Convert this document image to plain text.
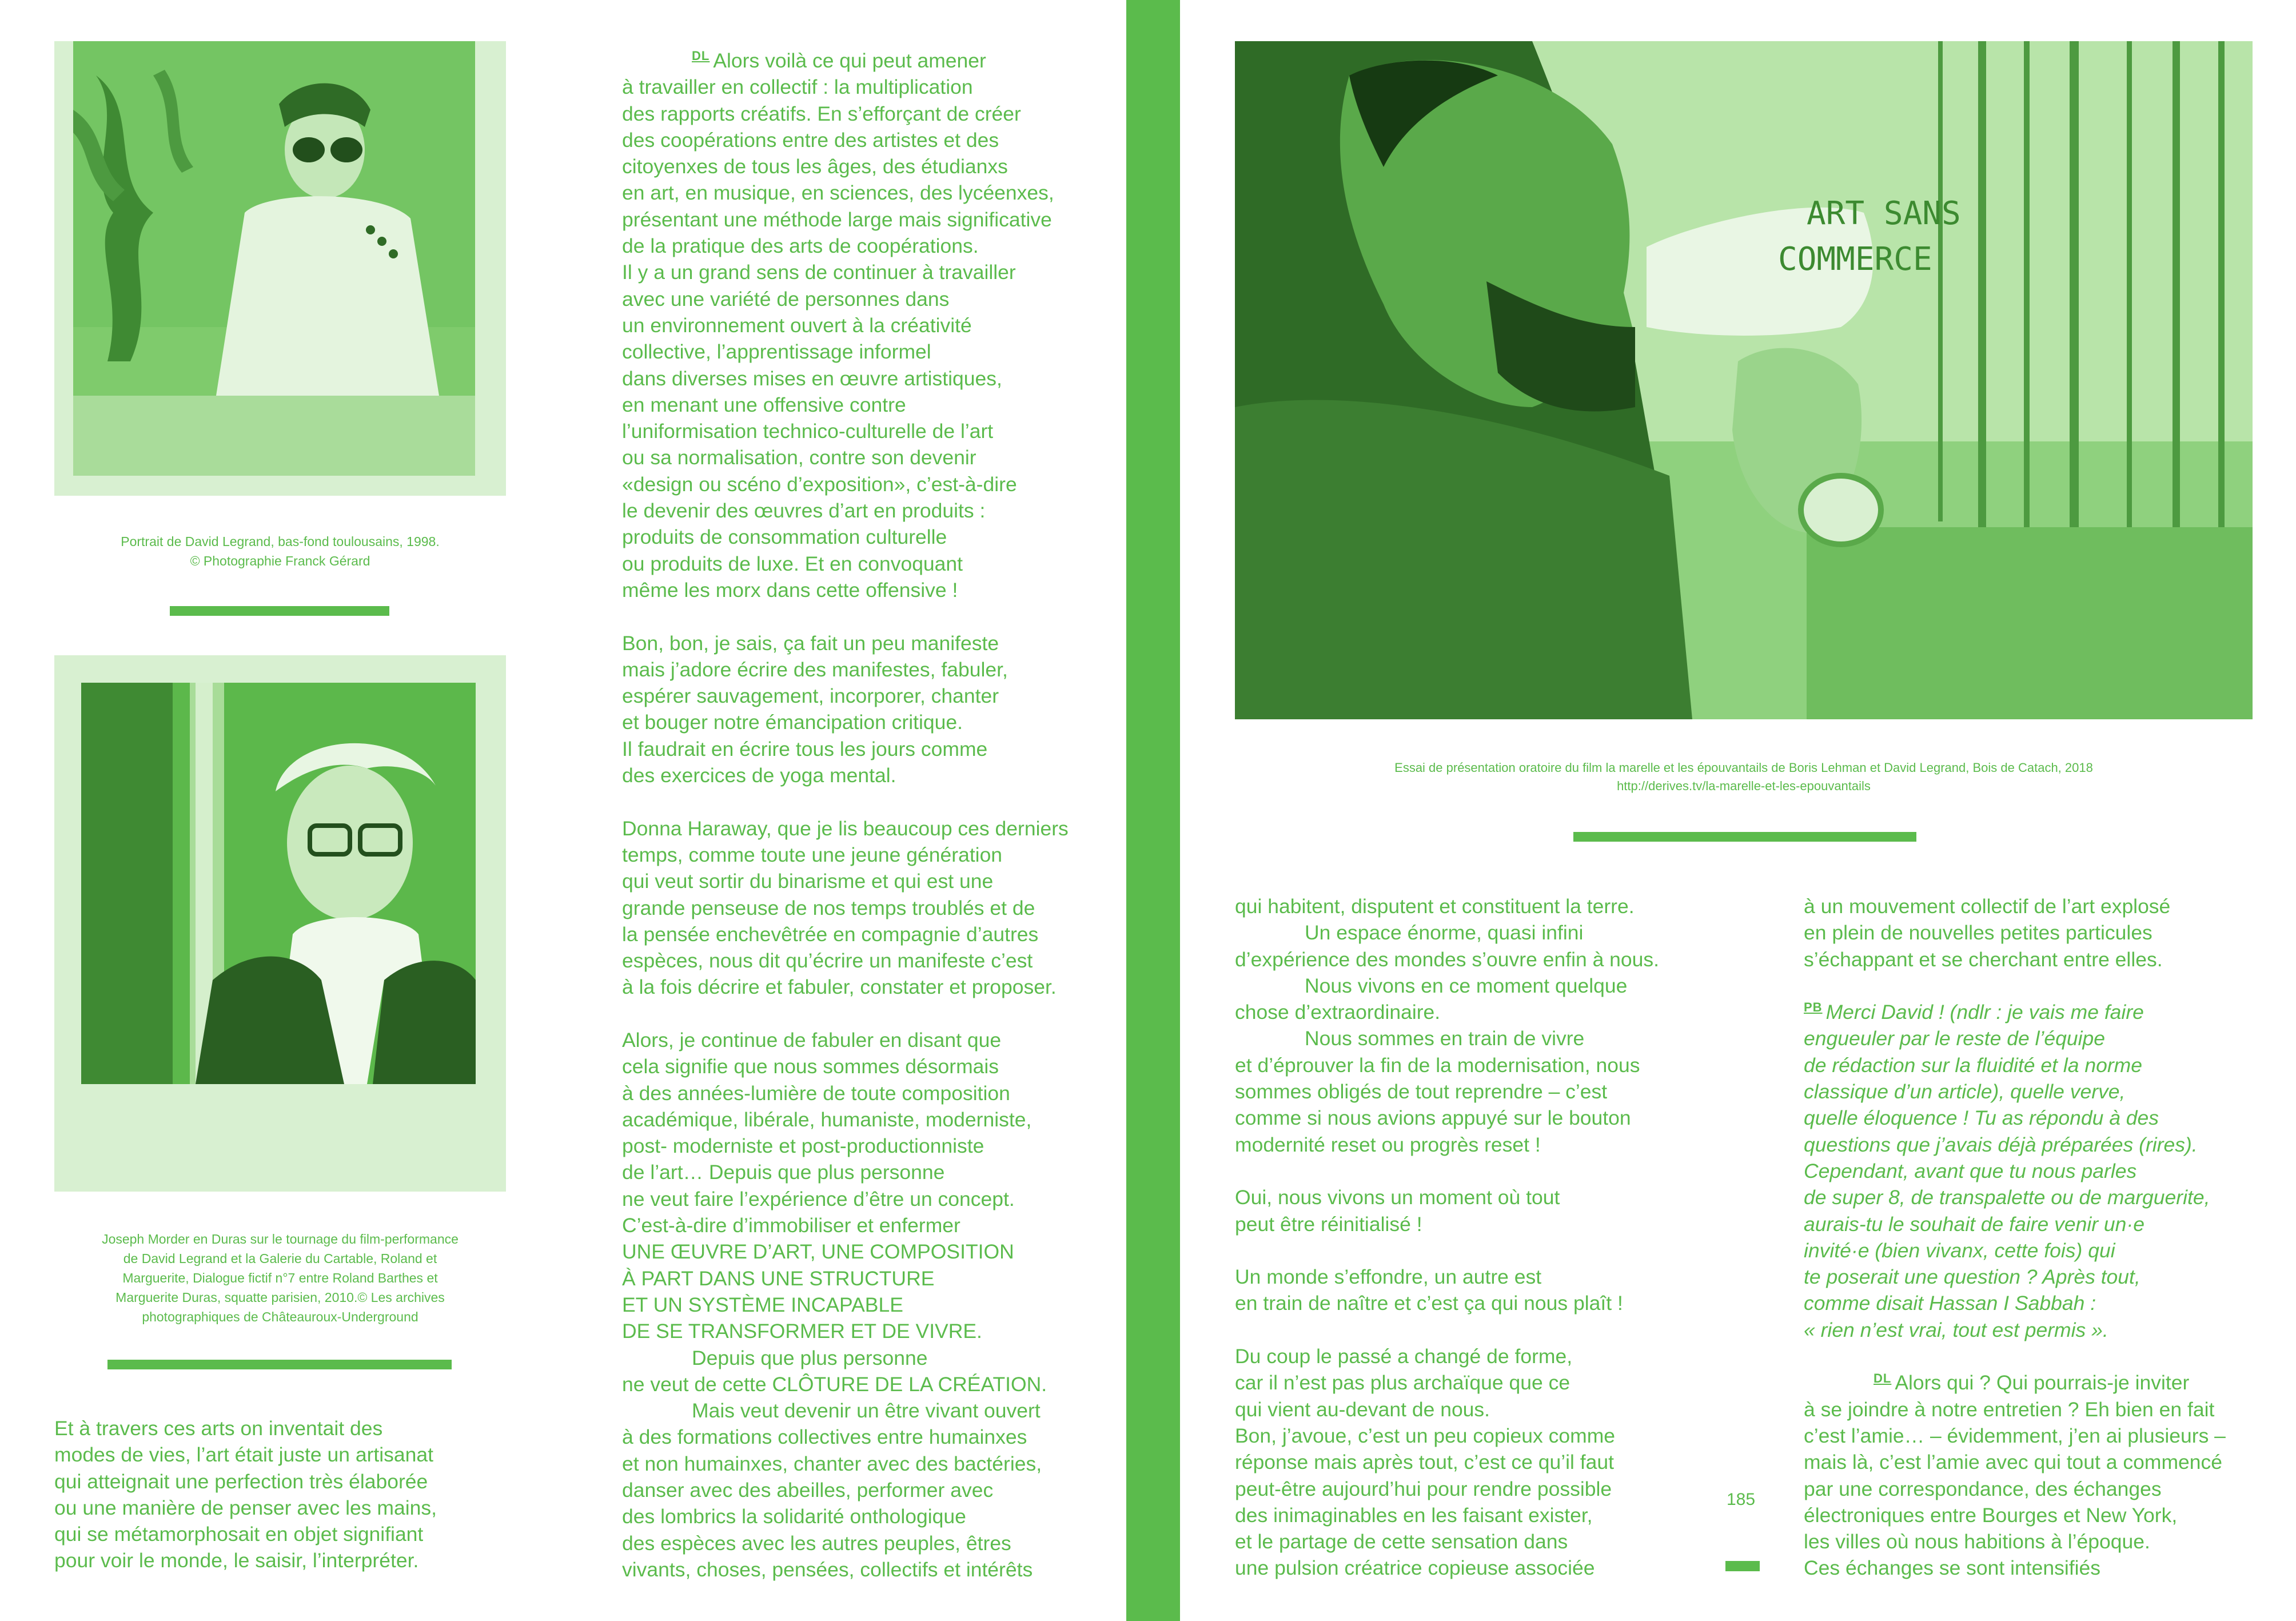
Portrait de David Legrand, bas-fond toulousains, 1998.
© Photographie Franck Gérard
Joseph Morder en Duras sur le tournage du film-performance
de David Legrand et la Galerie du Cartable, Roland et
Marguerite, Dialogue fictif n°7 entre Roland Barthes et
Marguerite Duras, squatte parisien, 2010.© Les archives
photographiques de Châteauroux-Underground

Et à travers ces arts on inventait des

modes de vies, l’art était juste un artisanat

qui atteignait une perfection très élaborée

ou une manière de penser avec les mains,

qui se métamorphosait en objet signifiant

pour voir le monde, le saisir, l’interpréter.

$^{DL}$ Alors voilà ce qui peut amener

à travailler en collectif : la multiplication

des rapports créatifs. En s’efforçant de créer

des coopérations entre des artistes et des

citoyenxes de tous les âges, des étudianxs

en art, en musique, en sciences, des lycéenxes,

présentant une méthode large mais significative

de la pratique des arts de coopérations.

Il y a un grand sens de continuer à travailler

avec une variété de personnes dans

un environnement ouvert à la créativité

collective, l’apprentissage informel

dans diverses mises en œuvre artistiques,

en menant une offensive contre

l’uniformisation technico-culturelle de l’art

ou sa normalisation, contre son devenir

«design ou scéno d’exposition», c’est-à-dire

le devenir des œuvres d’art en produits :

produits de consommation culturelle

ou produits de luxe. Et en convoquant

même les morx dans cette offensive !

Bon, bon, je sais, ça fait un peu manifeste

mais j’adore écrire des manifestes, fabuler,

espérer sauvagement, incorporer, chanter

et bouger notre émancipation critique.

Il faudrait en écrire tous les jours comme

des exercices de yoga mental.

Donna Haraway, que je lis beaucoup ces derniers

temps, comme toute une jeune génération

qui veut sortir du binarisme et qui est une

grande penseuse de nos temps troublés et de

la pensée enchevêtrée en compagnie d’autres

espèces, nous dit qu’écrire un manifeste c’est

à la fois décrire et fabuler, constater et proposer.

Alors, je continue de fabuler en disant que

cela signifie que nous sommes désormais

à des années-lumière de toute composition

académique, libérale, humaniste, moderniste,

post- moderniste et post-productionniste

de l’art… Depuis que plus personne

ne veut faire l’expérience d’être un concept.

C’est-à-dire d’immobiliser et enfermer

UNE ŒUVRE D’ART, UNE COMPOSITION

À PART DANS UNE STRUCTURE

ET UN SYSTÈME INCAPABLE

DE SE TRANSFORMER ET DE VIVRE.

Depuis que plus personne

ne veut de cette CLÔTURE DE LA CRÉATION.

Mais veut devenir un être vivant ouvert

à des formations collectives entre humainxes

et non humainxes, chanter avec des bactéries,

danser avec des abeilles, performer avec

des lombrics la solidarité onthologique

des espèces avec les autres peuples, êtres

vivants, choses, pensées, collectifs et intérêts

ART SANS
COMMERCE
Essai de présentation oratoire du film la marelle et les épouvantails de Boris Lehman et David Legrand, Bois de Catach, 2018
http://derives.tv/la-marelle-et-les-epouvantails

qui habitent, disputent et constituent la terre.

Un espace énorme, quasi infini

d’expérience des mondes s’ouvre enfin à nous.

Nous vivons en ce moment quelque

chose d’extraordinaire.

Nous sommes en train de vivre

et d’éprouver la fin de la modernisation, nous

sommes obligés de tout reprendre – c’est

comme si nous avions appuyé sur le bouton

modernité reset ou progrès reset !

Oui, nous vivons un moment où tout

peut être réinitialisé !

Un monde s’effondre, un autre est

en train de naître et c’est ça qui nous plaît !

Du coup le passé a changé de forme,

car il n’est pas plus archaïque que ce

qui vient au-devant de nous.

Bon, j’avoue, c’est un peu copieux comme

réponse mais après tout, c’est ce qu’il faut

peut-être aujourd’hui pour rendre possible

des inimaginables en les faisant exister,

et le partage de cette sensation dans

une pulsion créatrice copieuse associée

185

à un mouvement collectif de l’art explosé

en plein de nouvelles petites particules

s’échappant et se cherchant entre elles.

$^{PB}$ Merci David ! (ndlr : je vais me faire

engueuler par le reste de l’équipe

de rédaction sur la fluidité et la norme

classique d’un article), quelle verve,

quelle éloquence ! Tu as répondu à des

questions que j’avais déjà préparées (rires).

Cependant, avant que tu nous parles

de super 8, de transpalette ou de marguerite,

aurais-tu le souhait de faire venir un·e

invité·e (bien vivanx, cette fois) qui

te poserait une question ? Après tout,

comme disait Hassan I Sabbah :

« rien n’est vrai, tout est permis ».

$^{DL}$ Alors qui ? Qui pourrais-je inviter

à se joindre à notre entretien ? Eh bien en fait

c’est l’amie… – évidemment, j’en ai plusieurs –

mais là, c’est l’amie avec qui tout a commencé

par une correspondance, des échanges

électroniques entre Bourges et New York,

les villes où nous habitions à l’époque.

Ces échanges se sont intensifiés
